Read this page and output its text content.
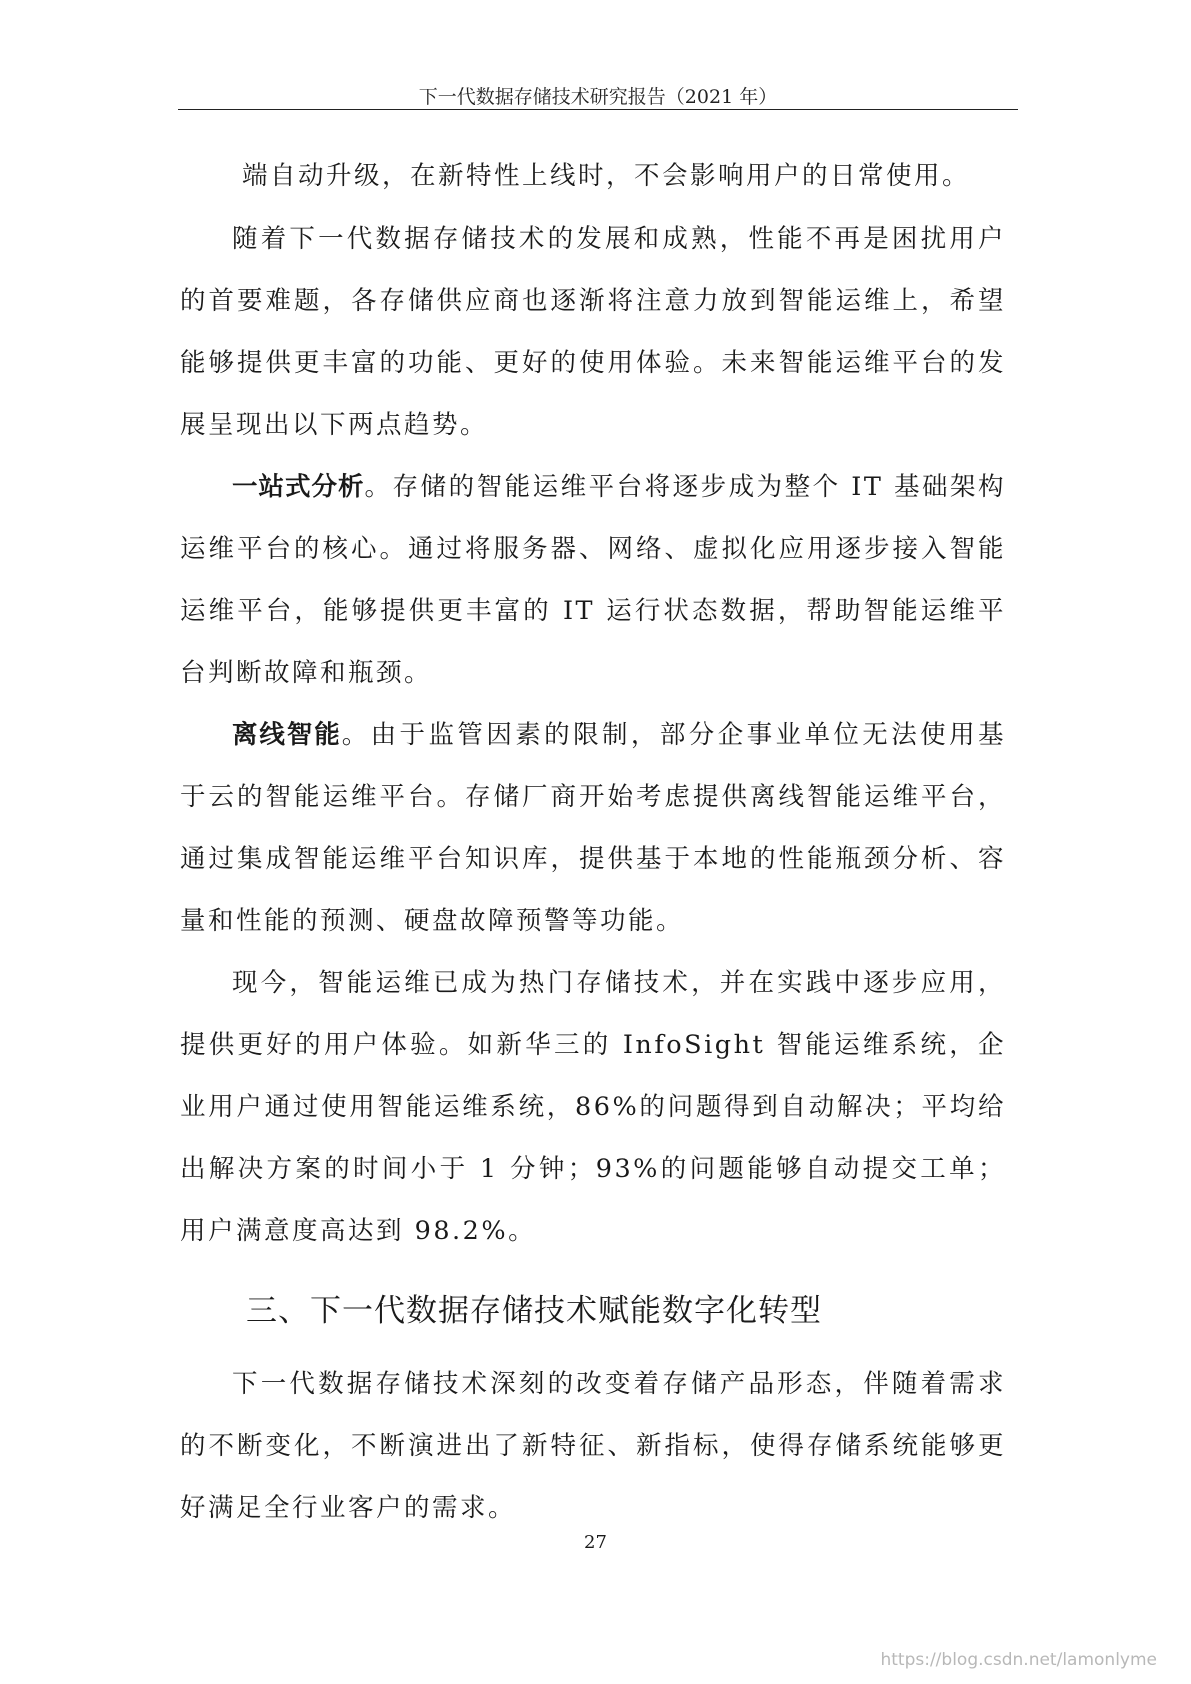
下一代数据存储技术研究报告（2021 年）

端自动升级，在新特性上线时，不会影响用户的日常使用。

随着下一代数据存储技术的发展和成熟，性能不再是困扰用户的首要难题，各存储供应商也逐渐将注意力放到智能运维上，希望能够提供更丰富的功能、更好的使用体验。未来智能运维平台的发展呈现出以下两点趋势。

一站式分析。存储的智能运维平台将逐步成为整个 IT 基础架构运维平台的核心。通过将服务器、网络、虚拟化应用逐步接入智能运维平台，能够提供更丰富的 IT 运行状态数据，帮助智能运维平台判断故障和瓶颈。

离线智能。由于监管因素的限制，部分企事业单位无法使用基于云的智能运维平台。存储厂商开始考虑提供离线智能运维平台，通过集成智能运维平台知识库，提供基于本地的性能瓶颈分析、容量和性能的预测、硬盘故障预警等功能。

现今，智能运维已成为热门存储技术，并在实践中逐步应用，提供更好的用户体验。如新华三的 InfoSight 智能运维系统，企业用户通过使用智能运维系统，86%的问题得到自动解决；平均给出解决方案的时间小于 1 分钟；93%的问题能够自动提交工单；用户满意度高达到 98.2%。

三、下一代数据存储技术赋能数字化转型

下一代数据存储技术深刻的改变着存储产品形态，伴随着需求的不断变化，不断演进出了新特征、新指标，使得存储系统能够更好满足全行业客户的需求。

27
https://blog.csdn.net/lamonlyme
